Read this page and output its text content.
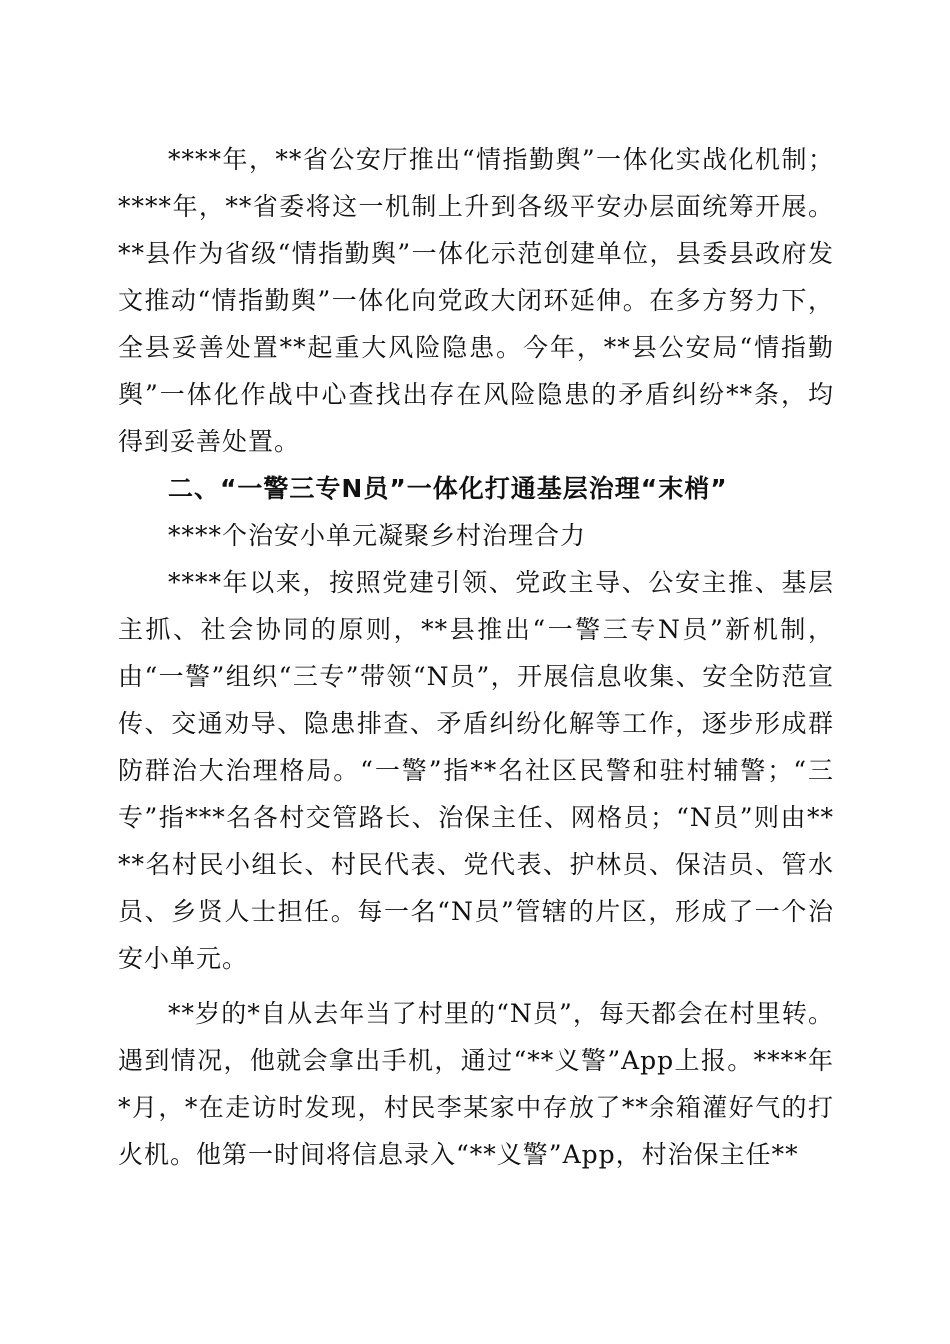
****年，**省公安厅推出“情指勤舆”一体化实战化机制；****年，**省委将这一机制上升到各级平安办层面统筹开展。**县作为省级“情指勤舆”一体化示范创建单位，县委县政府发文推动“情指勤舆”一体化向党政大闭环延伸。在多方努力下，全县妥善处置**起重大风险隐患。今年，**县公安局“情指勤舆”一体化作战中心查找出存在风险隐患的矛盾纠纷**条，均得到妥善处置。

二、“一警三专N员”一体化打通基层治理“末梢”

****个治安小单元凝聚乡村治理合力

****年以来，按照党建引领、党政主导、公安主推、基层主抓、社会协同的原则，**县推出“一警三专N员”新机制，由“一警”组织“三专”带领“N员”，开展信息收集、安全防范宣传、交通劝导、隐患排查、矛盾纠纷化解等工作，逐步形成群防群治大治理格局。“一警”指**名社区民警和驻村辅警；“三专”指***名各村交管路长、治保主任、网格员；“N员”则由****名村民小组长、村民代表、党代表、护林员、保洁员、管水员、乡贤人士担任。每一名“N员”管辖的片区，形成了一个治安小单元。

**岁的*自从去年当了村里的“N员”，每天都会在村里转。遇到情况，他就会拿出手机，通过“**义警”App上报。****年*月，*在走访时发现，村民李某家中存放了**余箱灌好气的打火机。他第一时间将信息录入“**义警”App，村治保主任**
